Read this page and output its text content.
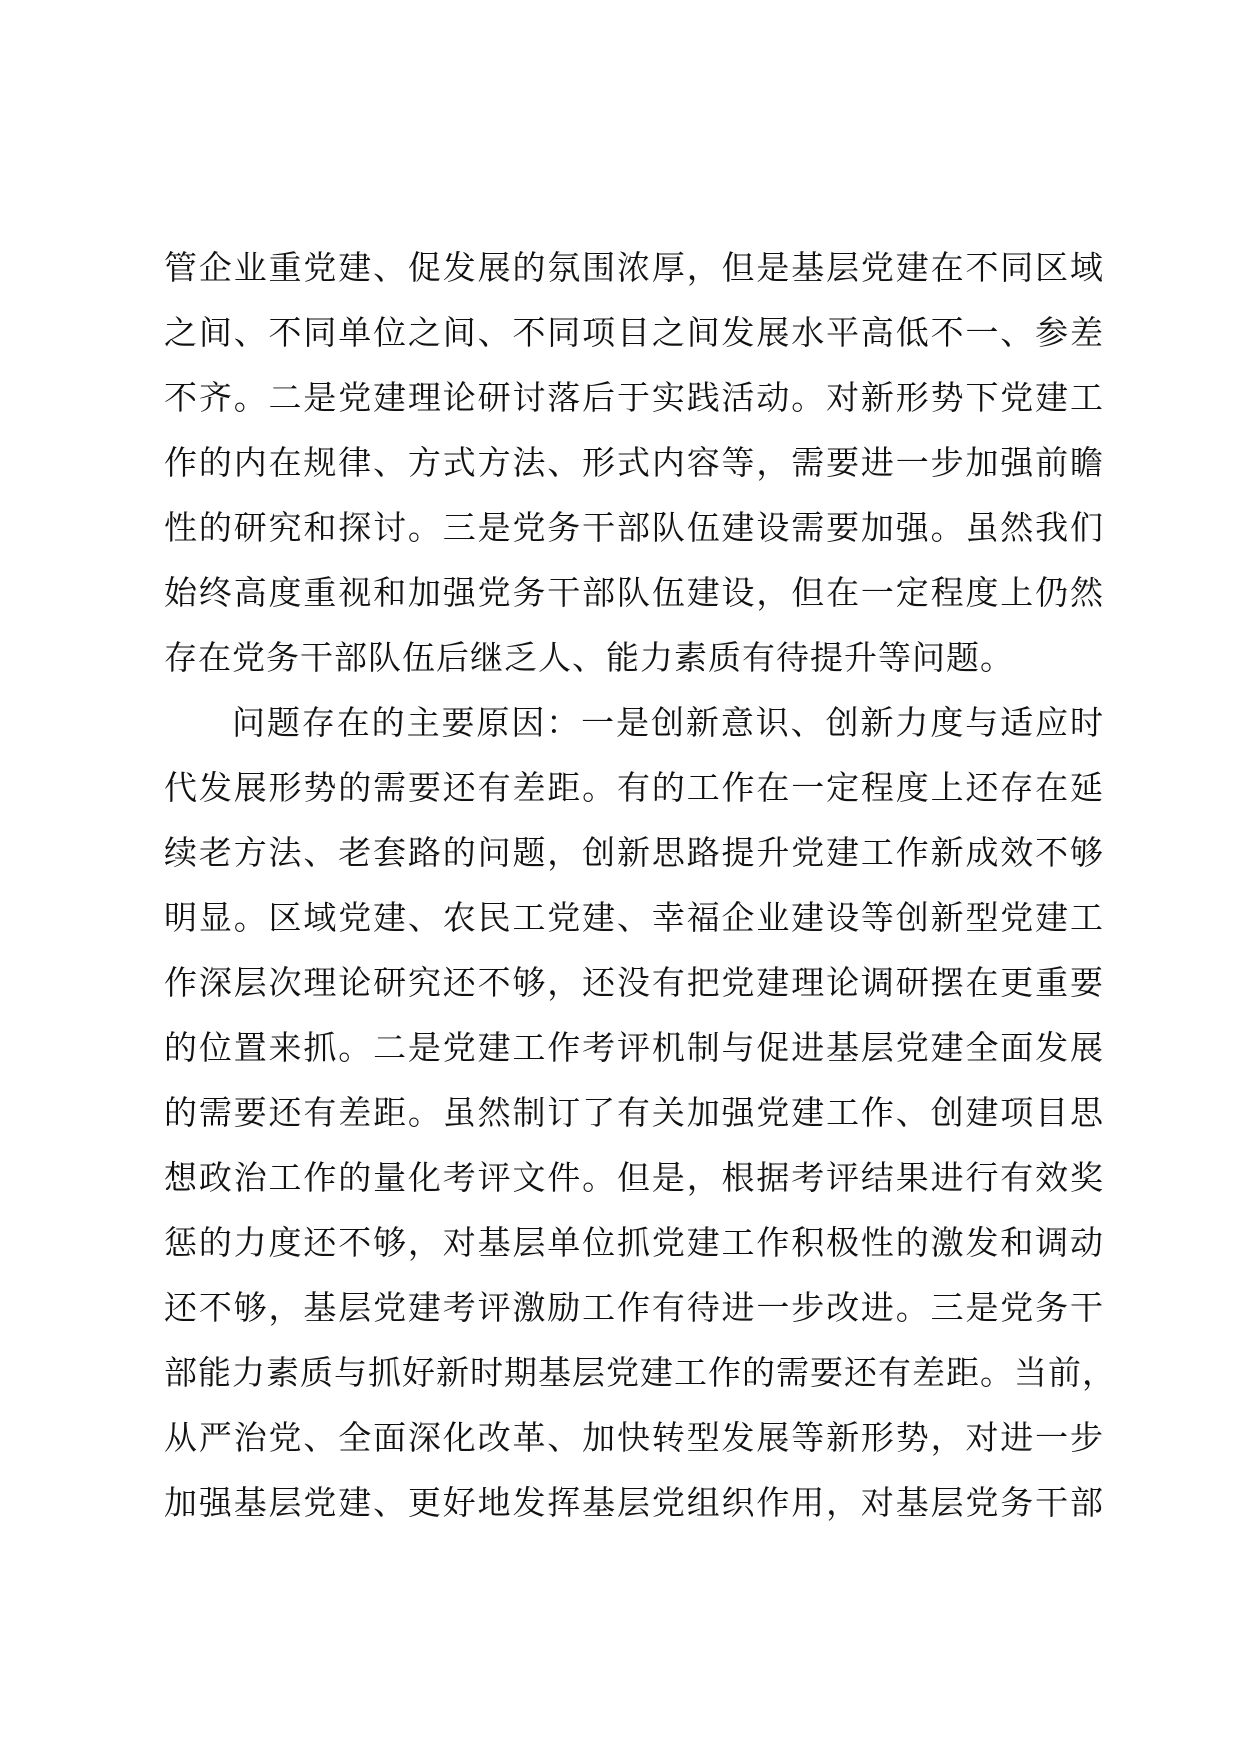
管企业重党建、促发展的氛围浓厚，但是基层党建在不同区域
之间、不同单位之间、不同项目之间发展水平高低不一、参差
不齐。二是党建理论研讨落后于实践活动。对新形势下党建工
作的内在规律、方式方法、形式内容等，需要进一步加强前瞻
性的研究和探讨。三是党务干部队伍建设需要加强。虽然我们
始终高度重视和加强党务干部队伍建设，但在一定程度上仍然
存在党务干部队伍后继乏人、能力素质有待提升等问题。
问题存在的主要原因：一是创新意识、创新力度与适应时
代发展形势的需要还有差距。有的工作在一定程度上还存在延
续老方法、老套路的问题，创新思路提升党建工作新成效不够
明显。区域党建、农民工党建、幸福企业建设等创新型党建工
作深层次理论研究还不够，还没有把党建理论调研摆在更重要
的位置来抓。二是党建工作考评机制与促进基层党建全面发展
的需要还有差距。虽然制订了有关加强党建工作、创建项目思
想政治工作的量化考评文件。但是，根据考评结果进行有效奖
惩的力度还不够，对基层单位抓党建工作积极性的激发和调动
还不够，基层党建考评激励工作有待进一步改进。三是党务干
部能力素质与抓好新时期基层党建工作的需要还有差距。当前，
从严治党、全面深化改革、加快转型发展等新形势，对进一步
加强基层党建、更好地发挥基层党组织作用，对基层党务干部
